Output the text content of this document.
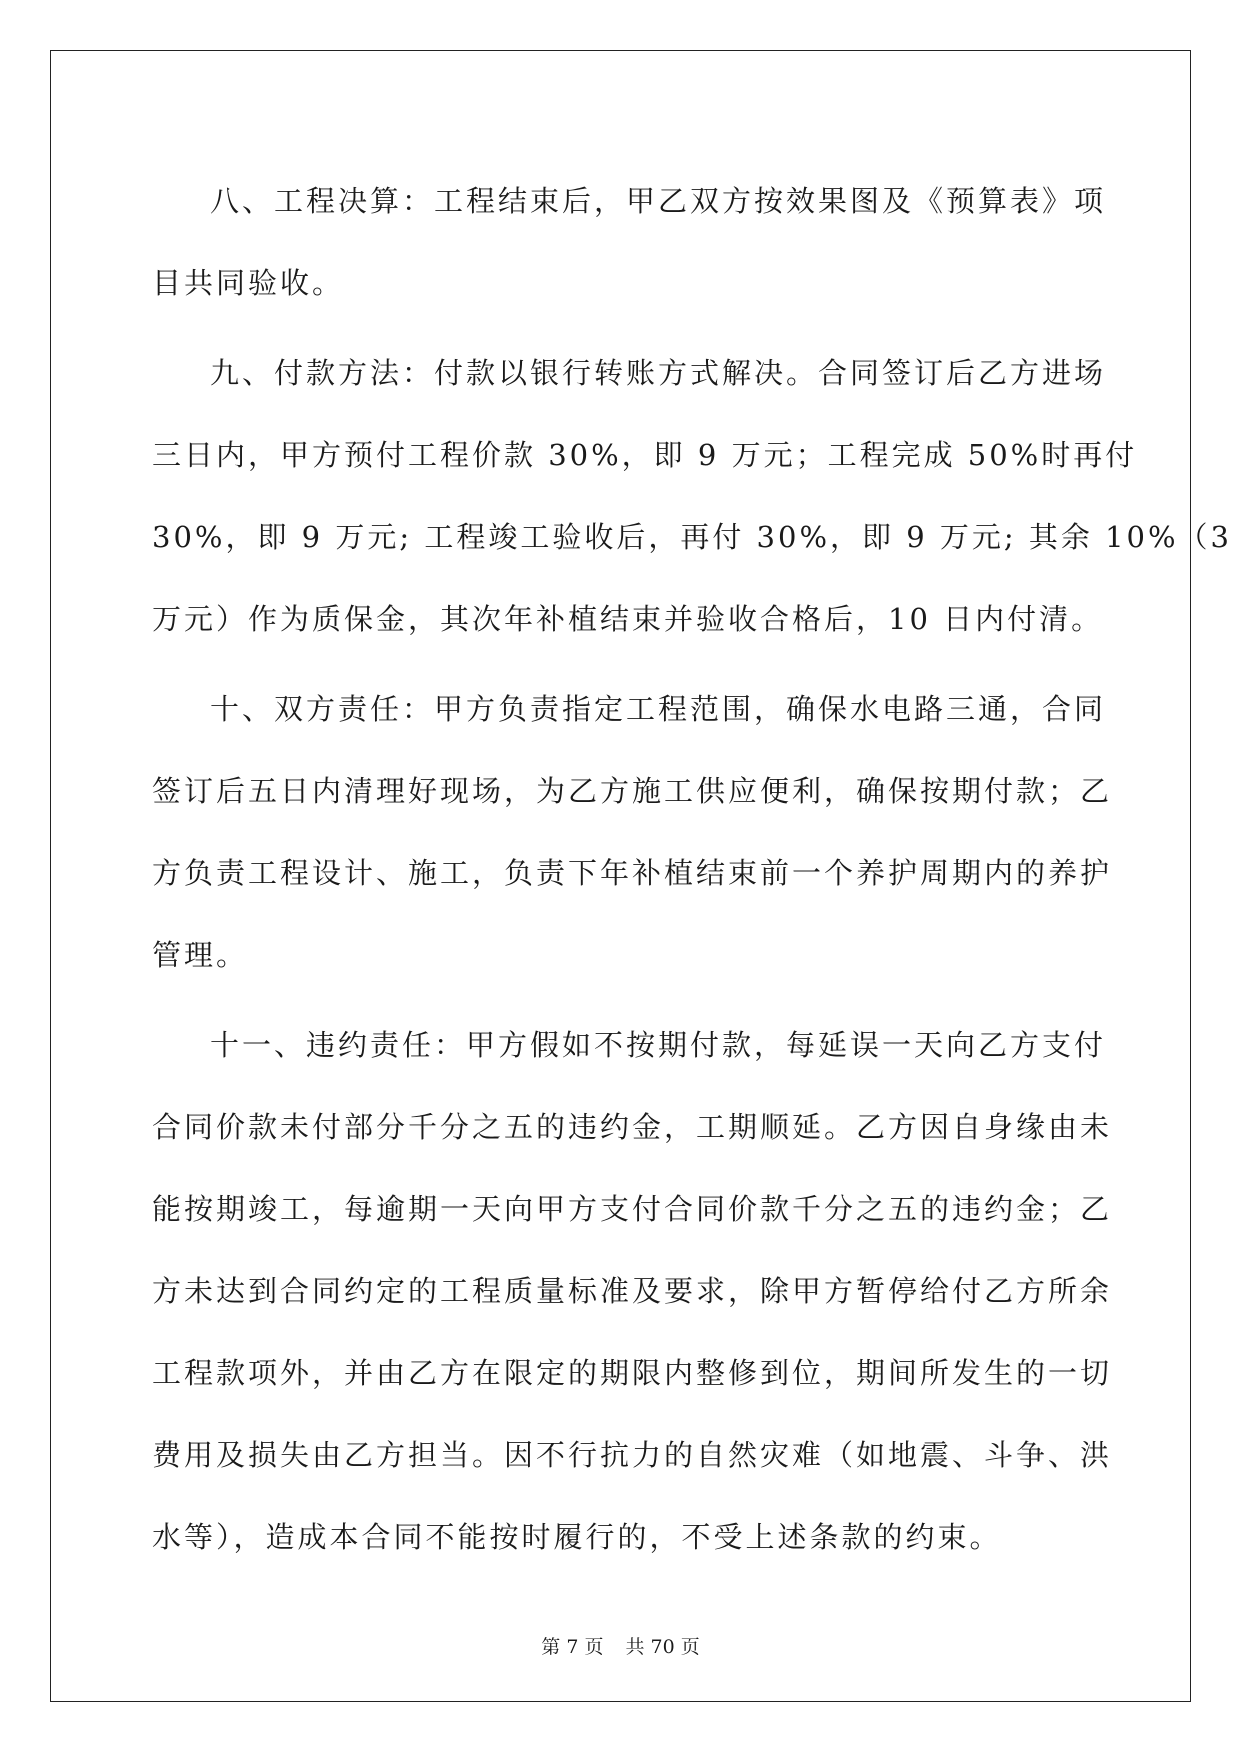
八、工程决算：工程结束后，甲乙双方按效果图及《预算表》项
目共同验收。
九、付款方法：付款以银行转账方式解决。合同签订后乙方进场
三日内，甲方预付工程价款 30%，即 9 万元；工程完成 50%时再付
30%，即 9 万元; 工程竣工验收后，再付 30%，即 9 万元; 其余 10%（3
万元）作为质保金，其次年补植结束并验收合格后，10 日内付清。
十、双方责任：甲方负责指定工程范围，确保水电路三通，合同
签订后五日内清理好现场，为乙方施工供应便利，确保按期付款；乙
方负责工程设计、施工，负责下年补植结束前一个养护周期内的养护
管理。
十一、违约责任：甲方假如不按期付款，每延误一天向乙方支付
合同价款未付部分千分之五的违约金，工期顺延。乙方因自身缘由未
能按期竣工，每逾期一天向甲方支付合同价款千分之五的违约金；乙
方未达到合同约定的工程质量标准及要求，除甲方暂停给付乙方所余
工程款项外，并由乙方在限定的期限内整修到位，期间所发生的一切
费用及损失由乙方担当。因不行抗力的自然灾难（如地震、斗争、洪
水等），造成本合同不能按时履行的，不受上述条款的约束。
第 7 页 共 70 页
